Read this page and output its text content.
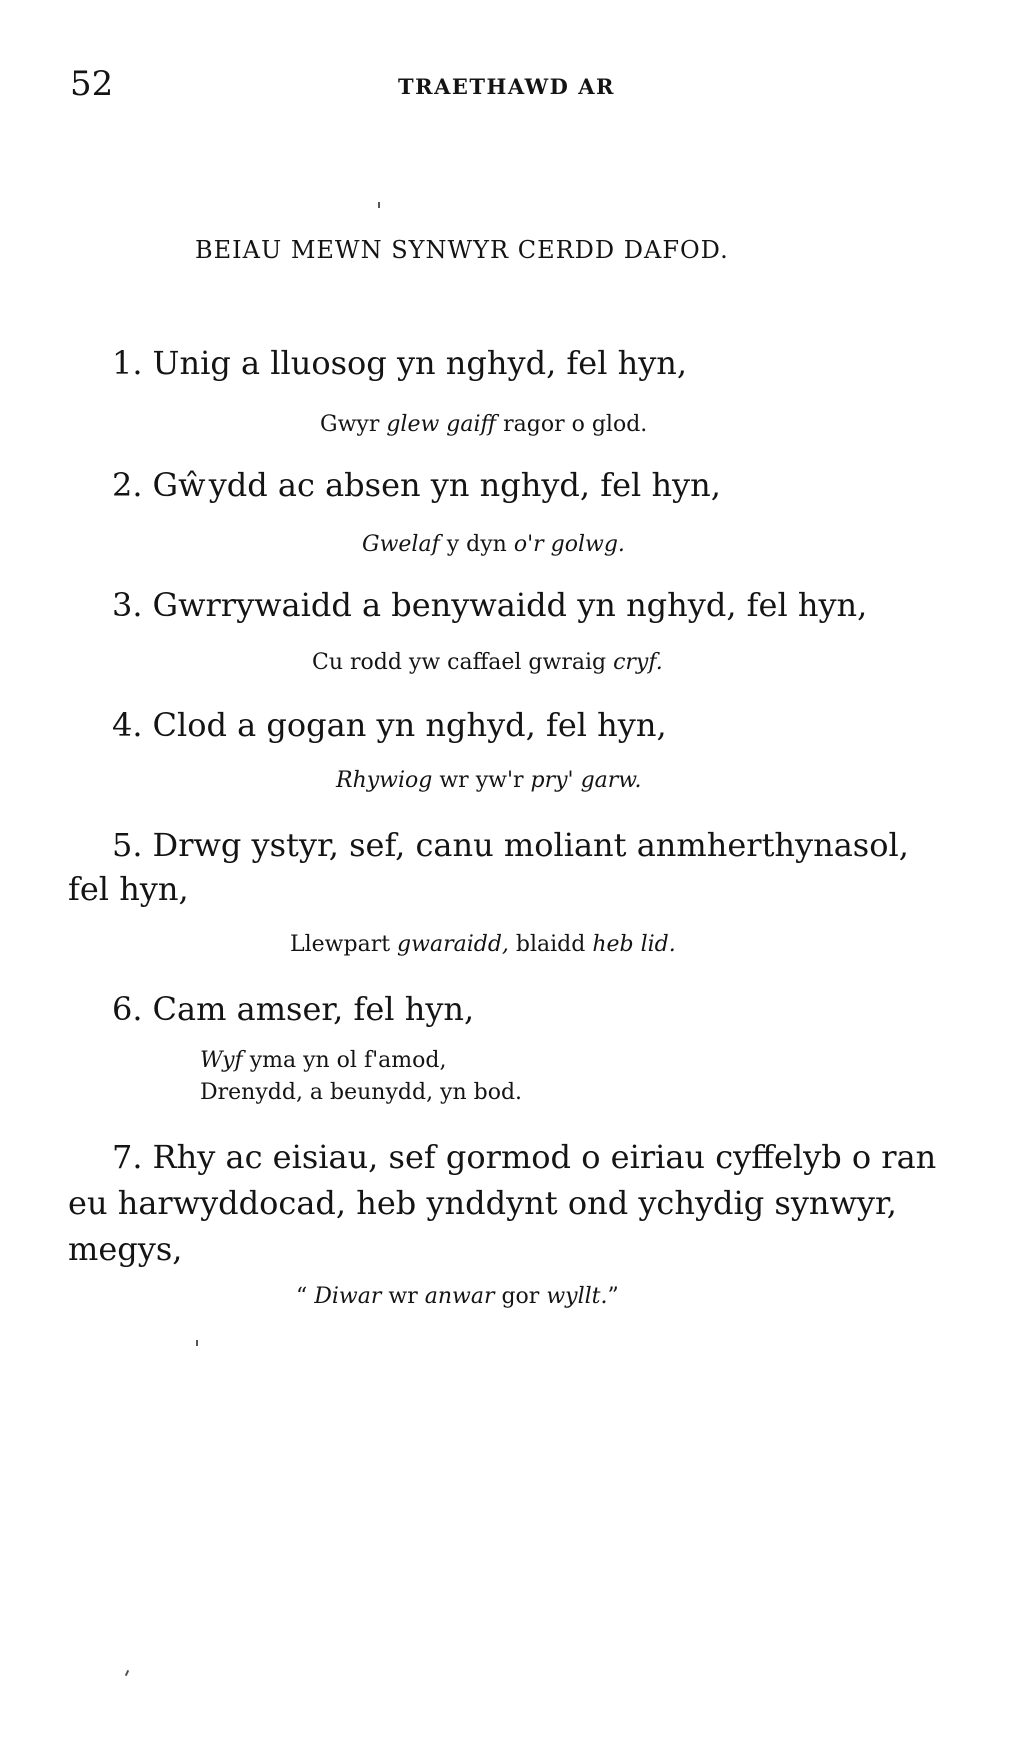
52	TRAETHAWD AR
BEIAU MEWN SYNWYR CERDD DAFOD.
1. Unig a lluosog yn nghyd, fel hyn,
Gwyr glew gaiff ragor o glod.
2. Gŵydd ac absen yn nghyd, fel hyn,
Gwelaf y dyn o'r golwg.
3. Gwrrywaidd a benywaidd yn nghyd, fel hyn,
Cu rodd yw caffael gwraig cryf.
4. Clod a gogan yn nghyd, fel hyn,
Rhywiog wr yw'r pry' garw.
5. Drwg ystyr, sef, canu moliant anmherthynasol,
fel hyn,
Llewpart gwaraidd, blaidd heb lid.
6. Cam amser, fel hyn,
Wyf yma yn ol f'amod,
Drenydd, a beunydd, yn bod.
7. Rhy ac eisiau, sef gormod o eiriau cyffelyb o ran
eu harwyddocad, heb ynddynt ond ychydig synwyr,
megys,
“ Diwar wr anwar gor wyllt.”
